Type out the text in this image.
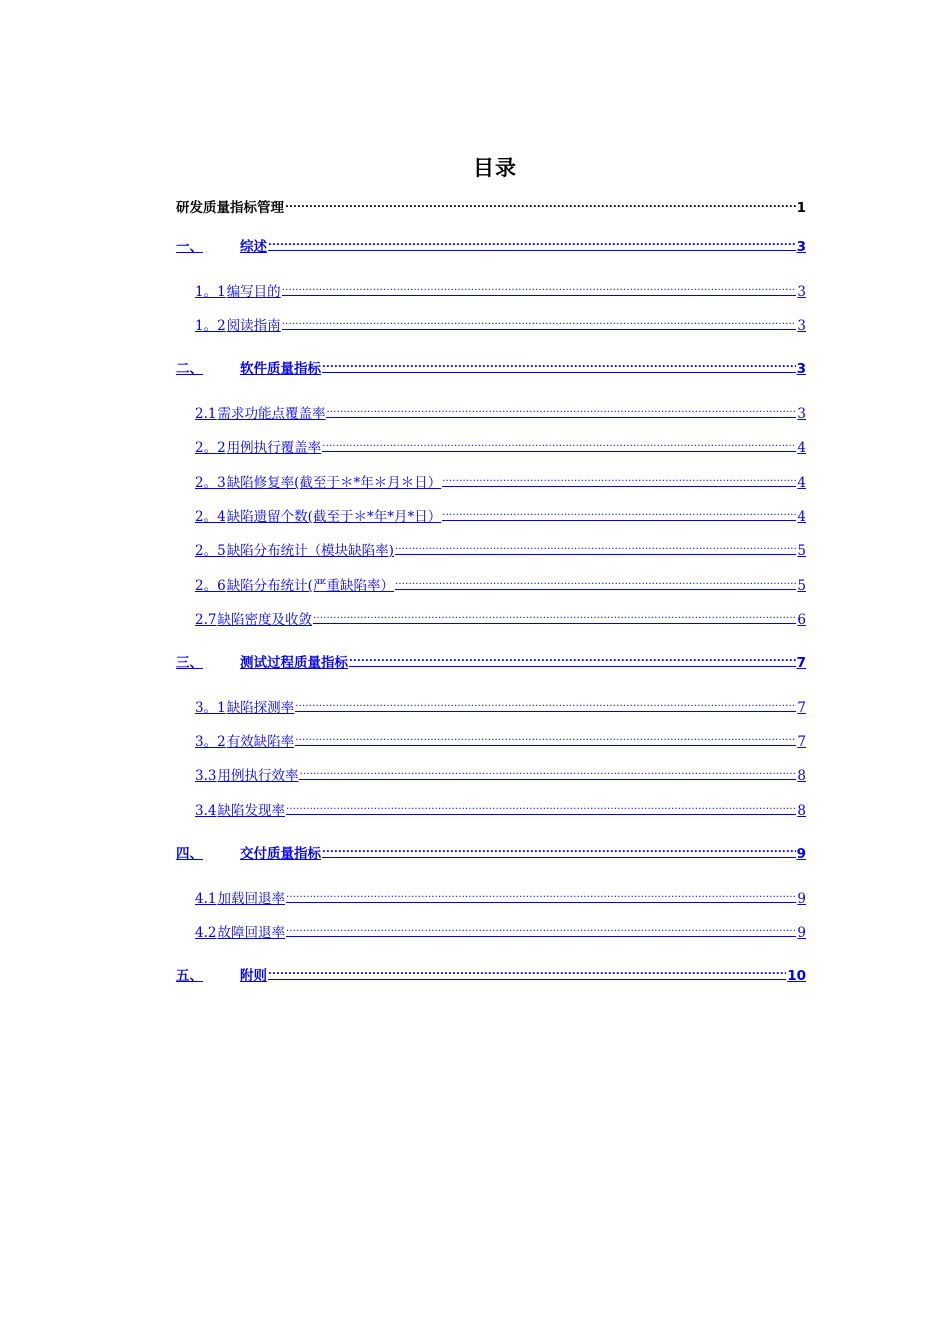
目录
研发质量指标管理 .....	1
一、	综述 .....	3
1。1 编写目的 .....	3
1。2 阅读指南 .....	3
二、	软件质量指标 .....	3
2.1 需求功能点覆盖率 .....	3
2。2 用例执行覆盖率 .....	4
2。3 缺陷修复率(截至于＊*年＊月＊日） .....	4
2。4 缺陷遗留个数(截至于＊*年*月*日） .....	4
2。5 缺陷分布统计（模块缺陷率) .....	5
2。6 缺陷分布统计(严重缺陷率） .....	5
2.7 缺陷密度及收敛 .....	6
三、	测试过程质量指标 .....	7
3。1 缺陷探测率 .....	7
3。2 有效缺陷率 .....	7
3.3 用例执行效率 .....	8
3.4 缺陷发现率 .....	8
四、	交付质量指标 .....	9
4.1 加载回退率 .....	9
4.2 故障回退率 .....	9
五、	附则 .....	10
